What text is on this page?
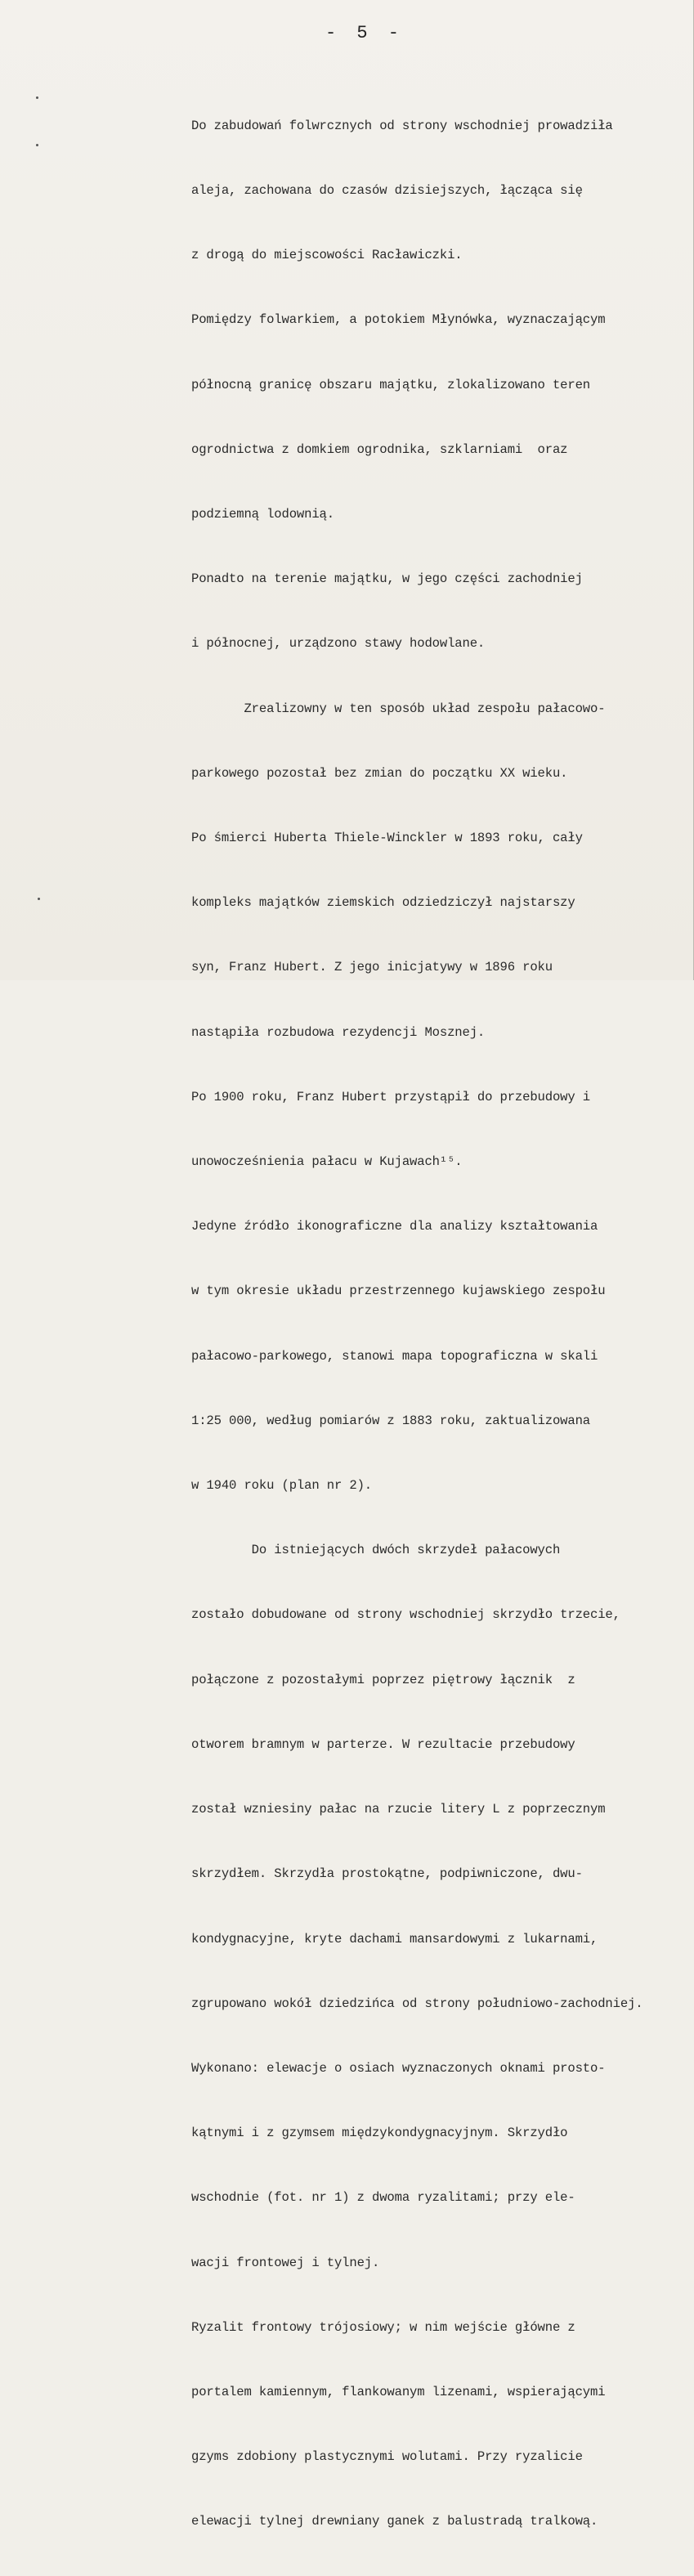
- 5 -

Do zabudowań folwrcznych od strony wschodniej prowadziła

aleja, zachowana do czasów dzisiejszych, łącząca się

z drogą do miejscowości Racławiczki.

Pomiędzy folwarkiem, a potokiem Młynówka, wyznaczającym

północną granicę obszaru majątku, zlokalizowano teren

ogrodnictwa z domkiem ogrodnika, szklarniami  oraz

podziemną lodownią.

Ponadto na terenie majątku, w jego części zachodniej

i północnej, urządzono stawy hodowlane.

Zrealizowny w ten sposób układ zespołu pałacowo-

parkowego pozostał bez zmian do początku XX wieku.

Po śmierci Huberta Thiele-Winckler w 1893 roku, cały

kompleks majątków ziemskich odziedziczył najstarszy

syn, Franz Hubert. Z jego inicjatywy w 1896 roku

nastąpiła rozbudowa rezydencji Mosznej.

Po 1900 roku, Franz Hubert przystąpił do przebudowy i

unowocześnienia pałacu w Kujawach¹⁵.

Jedyne źródło ikonograficzne dla analizy kształtowania

w tym okresie układu przestrzennego kujawskiego zespołu

pałacowo-parkowego, stanowi mapa topograficzna w skali

1:25 000, według pomiarów z 1883 roku, zaktualizowana

w 1940 roku (plan nr 2).

Do istniejących dwóch skrzydeł pałacowych

zostało dobudowane od strony wschodniej skrzydło trzecie,

połączone z pozostałymi poprzez piętrowy łącznik  z

otworem bramnym w parterze. W rezultacie przebudowy

został wzniesiny pałac na rzucie litery L z poprzecznym

skrzydłem. Skrzydła prostokątne, podpiwniczone, dwu-

kondygnacyjne, kryte dachami mansardowymi z lukarnami,

zgrupowano wokół dziedzińca od strony południowo-zachodniej.

Wykonano: elewacje o osiach wyznaczonych oknami prosto-

kątnymi i z gzymsem międzykondygnacyjnym. Skrzydło

wschodnie (fot. nr 1) z dwoma ryzalitami; przy ele-

wacji frontowej i tylnej.

Ryzalit frontowy trójosiowy; w nim wejście główne z

portalem kamiennym, flankowanym lizenami, wspierającymi

gzyms zdobiony plastycznymi wolutami. Przy ryzalicie

elewacji tylnej drewniany ganek z balustradą tralkową.
